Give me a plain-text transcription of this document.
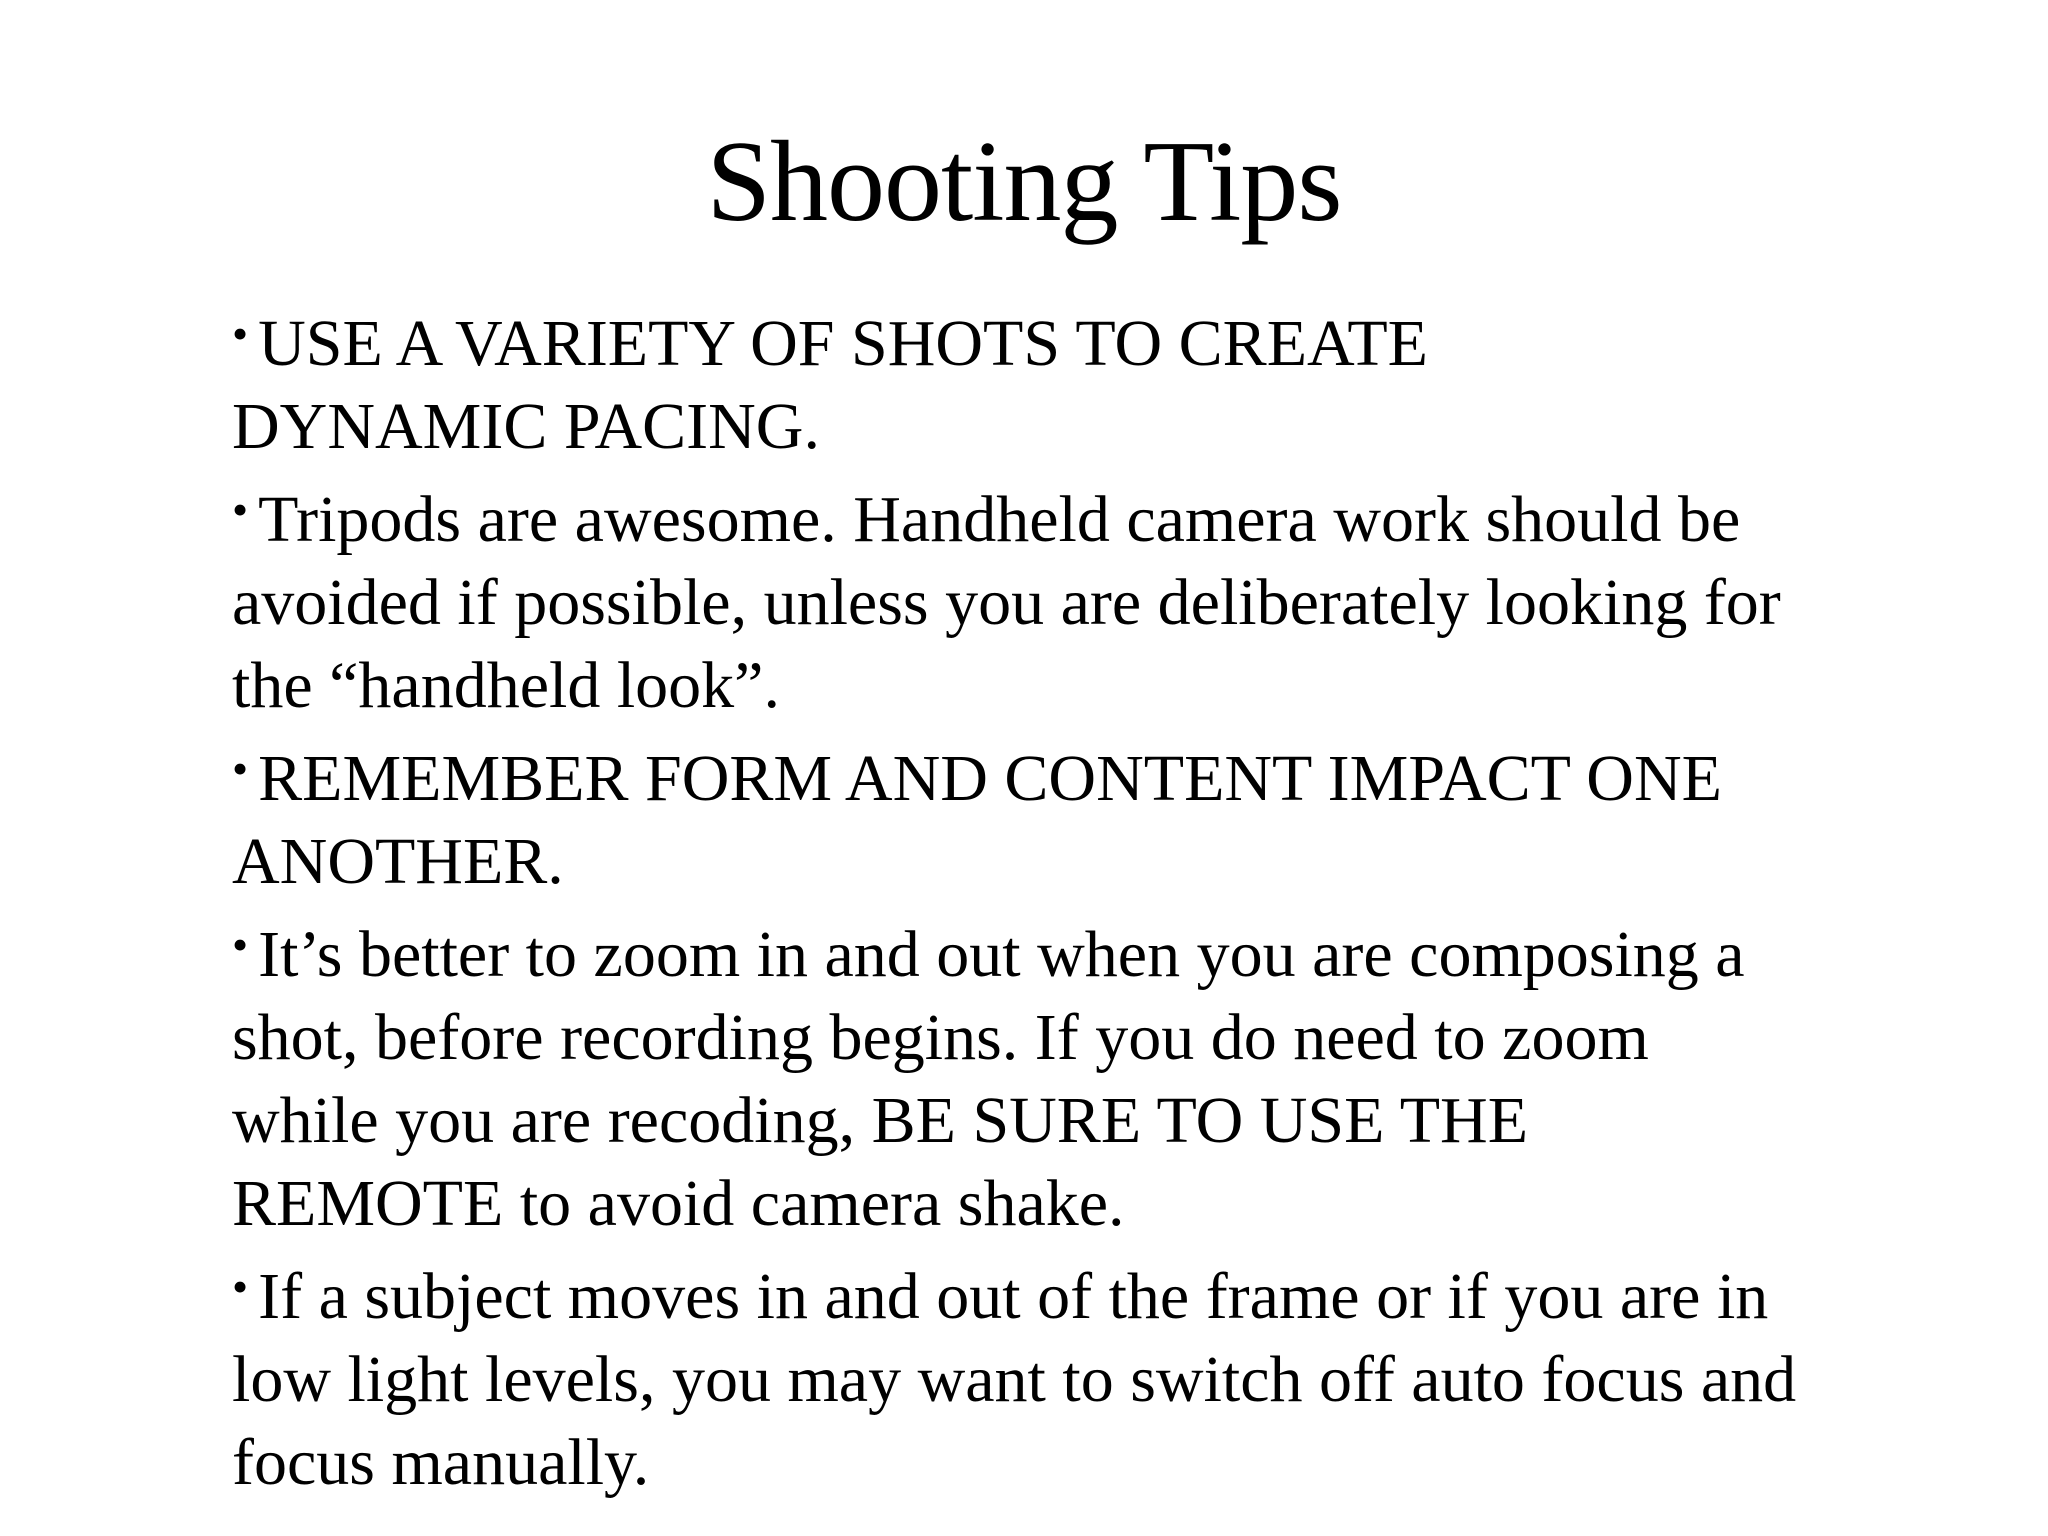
Shooting Tips
• USE A VARIETY OF SHOTS TO CREATE
DYNAMIC PACING.
• Tripods are awesome. Handheld camera work should be
avoided if possible, unless you are deliberately looking for
the “handheld look”.
• REMEMBER FORM AND CONTENT IMPACT ONE
ANOTHER.
• It’s better to zoom in and out when you are composing a
shot, before recording begins. If you do need to zoom
while you are recoding, BE SURE TO USE THE
REMOTE to avoid camera shake.
• If a subject moves in and out of the frame or if you are in
low light levels, you may want to switch off auto focus and
focus manually.
